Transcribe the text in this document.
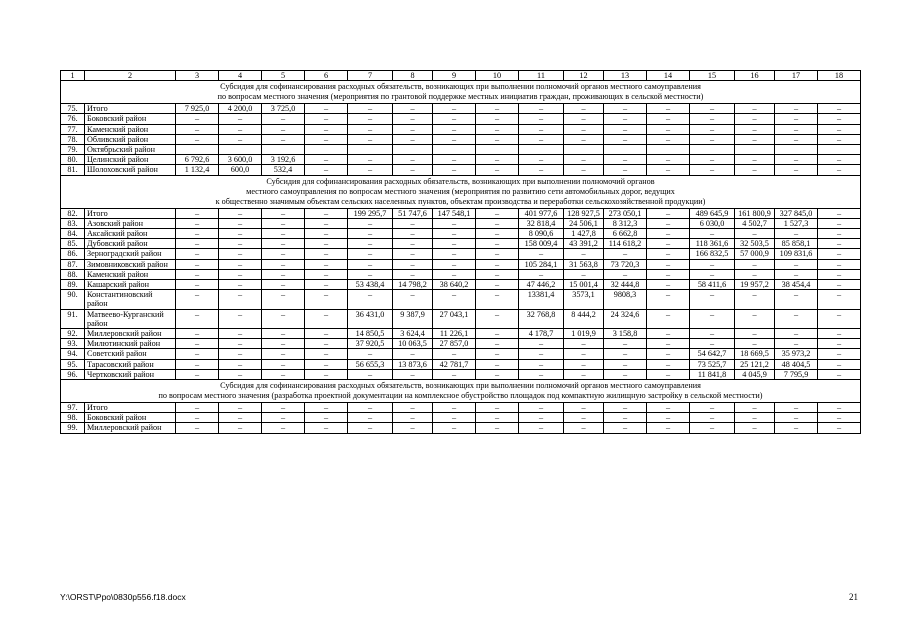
1	2	3	4	5	6	7	8	9	10	11	12	13	14	15	16	17	18

Субсидия для софинансирования расходных обязательств, возникающих при выполнении полномочий органов местного самоуправления
по вопросам местного значения (мероприятия по грантовой поддержке местных инициатив граждан, проживающих в сельской местности)																	

75.	Итого	7 925,0	4 200,0	3 725,0	–	–	–	–	–	–	–	–	–	–	–	–	–
76.	Боковский район	–	–	–	–	–	–	–	–	–	–	–	–	–	–	–	–
77.	Каменский район	–	–	–	–	–	–	–	–	–	–	–	–	–	–	–	–
78.	Обливский район	–	–	–	–	–	–	–	–	–	–	–	–	–	–	–	–
79.	Октябрьский район																
80.	Целинский район	6 792,6	3 600,0	3 192,6	–	–	–	–	–	–	–	–	–	–	–	–	–
81.	Шолоховский район	1 132,4	600,0	532,4	–	–	–	–	–	–	–	–	–	–	–	–	–

Субсидия для софинансирования расходных обязательств, возникающих при выполнении полномочий органов
местного самоуправления по вопросам местного значения (мероприятия по развитию сети автомобильных дорог, ведущих
к общественно значимым объектам сельских населенных пунктов, объектам производства и переработки сельскохозяйственной продукции)																	

82.	Итого	–	–	–	–	199 295,7	51 747,6	147 548,1	–	401 977,6	128 927,5	273 050,1	–	489 645,9	161 800,9	327 845,0	–
83.	Азовский район	–	–	–	–	–	–	–	–	32 818,4	24 506,1	8 312,3	–	6 030,0	4 502,7	1 527,3	–
84.	Аксайский район	–	–	–	–	–	–	–	–	8 090,6	1 427,8	6 662,8	–	–	–	–	–
85.	Дубовский район	–	–	–	–	–	–	–	–	158 009,4	43 391,2	114 618,2	–	118 361,6	32 503,5	85 858,1	–
86.	Зерноградский район	–	–	–	–	–	–	–	–	–	–	–	–	166 832,5	57 000,9	109 831,6	–
87.	Зимовниковский район	–	–	–	–	–	–	–	–	105 284,1	31 563,8	73 720,3	–	–	–	–	–
88.	Каменский район	–	–	–	–	–	–	–	–	–	–	–	–	–	–	–	–
89.	Кашарский район	–	–	–	–	53 438,4	14 798,2	38 640,2	–	47 446,2	15 001,4	32 444,8	–	58 411,6	19 957,2	38 454,4	–
90.	Константиновский район	–	–	–	–	–	–	–	–	13381,4	3573,1	9808,3	–	–	–	–	–
91.	Матвеево-Курганский район	–	–	–	–	36 431,0	9 387,9	27 043,1	–	32 768,8	8 444,2	24 324,6	–	–	–	–	–
92.	Миллеровский район	–	–	–	–	14 850,5	3 624,4	11 226,1	–	4 178,7	1 019,9	3 158,8	–	–	–	–	–
93.	Милютинский район	–	–	–	–	37 920,5	10 063,5	27 857,0	–	–	–	–	–	–	–	–	–
94.	Советский район	–	–	–	–	–	–	–	–	–	–	–	–	54 642,7	18 669,5	35 973,2	–
95.	Тарасовский район	–	–	–	–	56 655,3	13 873,6	42 781,7	–	–	–	–	–	73 525,7	25 121,2	48 404,5	–
96.	Чертковский район	–	–	–	–	–	–	–	–	–	–	–	–	11 841,8	4 045,9	7 795,9	–

Субсидия для софинансирования расходных обязательств, возникающих при выполнении полномочий органов местного самоуправления
по вопросам местного значения (разработка проектной документации на комплексное обустройство площадок под компактную жилищную застройку в сельской местности)																	

97.	Итого	–	–	–	–	–	–	–	–	–	–	–	–	–	–	–	–
98.	Боковский район	–	–	–	–	–	–	–	–	–	–	–	–	–	–	–	–
99.	Миллеровский район	–	–	–	–	–	–	–	–	–	–	–	–	–	–	–	–
Y:\ORST\Ppo\0830p556.f18.docx	21
